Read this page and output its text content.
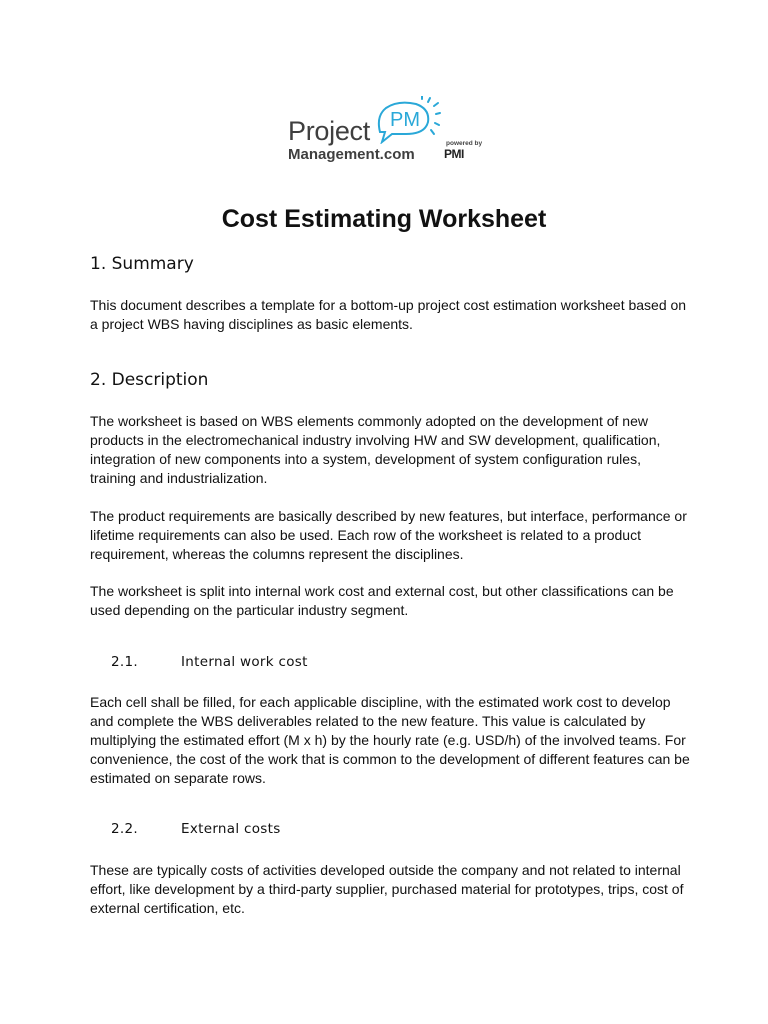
PM
Project
Management.com
powered by
PMI
Cost Estimating Worksheet
1. Summary

This document describes a template for a bottom-up project cost estimation worksheet based on a project WBS having disciplines as basic elements.

2. Description

The worksheet is based on WBS elements commonly adopted on the development of new products in the electromechanical industry involving HW and SW development, qualification, integration of new components into a system, development of system configuration rules, training and industrialization.

The product requirements are basically described by new features, but interface, performance or lifetime requirements can also be used. Each row of the worksheet is related to a product requirement, whereas the columns represent the disciplines.

The worksheet is split into internal work cost and external cost, but other classifications can be used depending on the particular industry segment.

2.1.	Internal work cost

Each cell shall be filled, for each applicable discipline, with the estimated work cost to develop and complete the WBS deliverables related to the new feature. This value is calculated by multiplying the estimated effort (M x h) by the hourly rate (e.g. USD/h) of the involved teams. For convenience, the cost of the work that is common to the development of different features can be estimated on separate rows.

2.2.	External costs

These are typically costs of activities developed outside the company and not related to internal effort, like development by a third-party supplier, purchased material for prototypes, trips, cost of external certification, etc.
